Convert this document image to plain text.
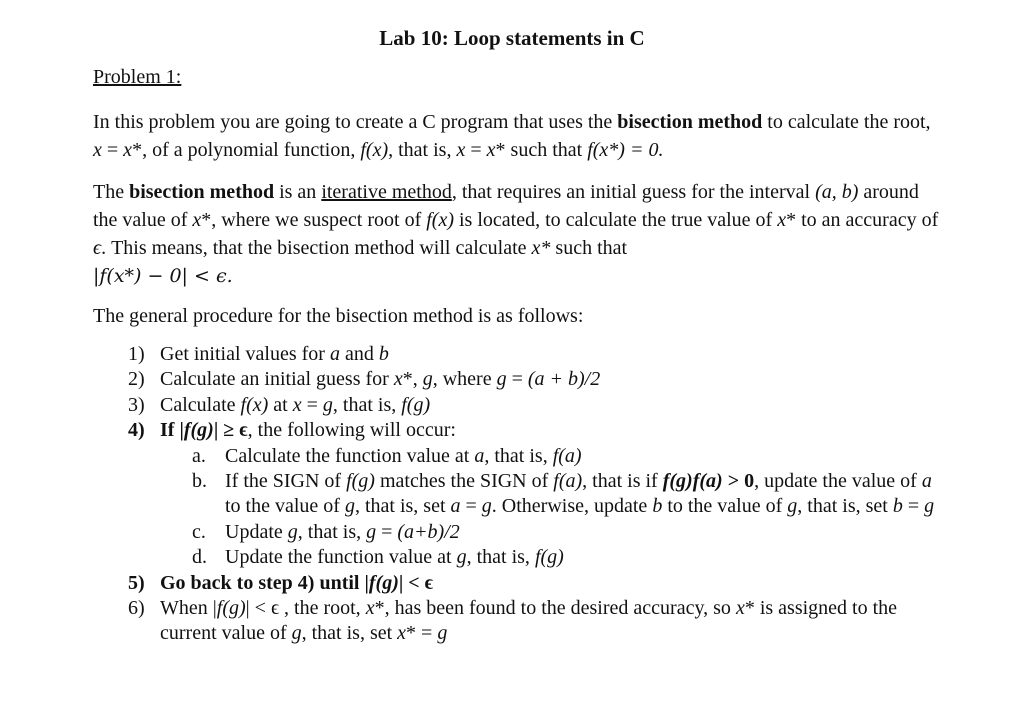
Lab 10: Loop statements in C
Problem 1:
In this problem you are going to create a C program that uses the bisection method to calculate the root, x = x*, of a polynomial function, f(x), that is, x = x* such that f(x*) = 0.
The bisection method is an iterative method, that requires an initial guess for the interval (a, b) around the value of x*, where we suspect root of f(x) is located, to calculate the true value of x* to an accuracy of ϵ. This means, that the bisection method will calculate x* such that
|f(x*) − 0| < ϵ.
The general procedure for the bisection method is as follows:
1) Get initial values for a and b
2) Calculate an initial guess for x*, g, where g = (a + b)/2
3) Calculate f(x) at x = g, that is, f(g)
4) If |f(g)| ≥ ϵ, the following will occur:
a. Calculate the function value at a, that is, f(a)
b. If the SIGN of f(g) matches the SIGN of f(a), that is if f(g)f(a) > 0, update the value of a to the value of g, that is, set a = g. Otherwise, update b to the value of g, that is, set b = g
c. Update g, that is, g = (a+b)/2
d. Update the function value at g, that is, f(g)
5) Go back to step 4) until |f(g)| < ϵ
6) When |f(g)| < ϵ , the root, x*, has been found to the desired accuracy, so x* is assigned to the current value of g, that is, set x* = g
